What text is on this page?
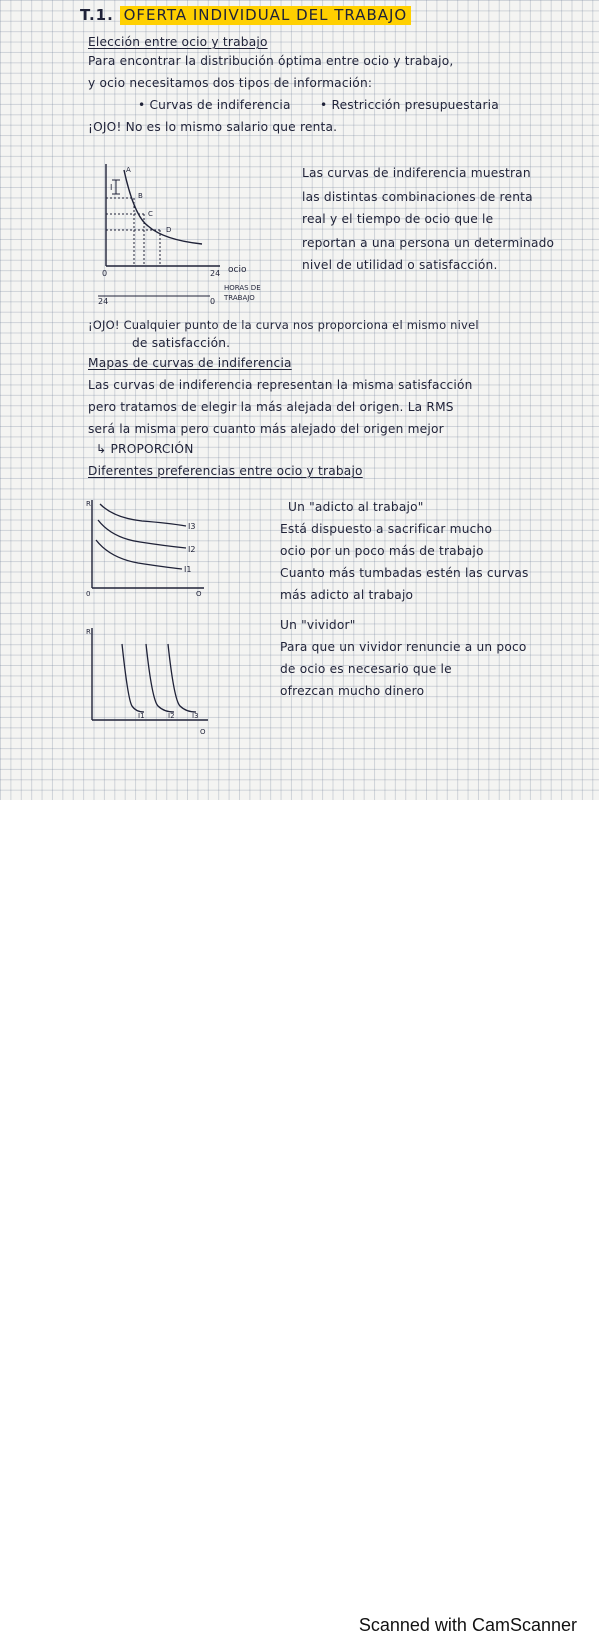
T.1. OFERTA INDIVIDUAL DEL TRABAJO
Elección entre ocio y trabajo
Para encontrar la distribución óptima entre ocio y trabajo,
y ocio necesitamos dos tipos de información:
• Curvas de indiferencia • Restricción presupuestaria
¡OJO! No es lo mismo salario que renta.
A
B
C
D
I
0	24 ocio
24	0
HORAS DE
TRABAJO
Las curvas de indiferencia muestran
las distintas combinaciones de renta
real y el tiempo de ocio que le
reportan a una persona un determinado
nivel de utilidad o satisfacción.
¡OJO! Cualquier punto de la curva nos proporciona el mismo nivel
de satisfacción.
Mapas de curvas de indiferencia
Las curvas de indiferencia representan la misma satisfacción
pero tratamos de elegir la más alejada del origen. La RMS
será la misma pero cuanto más alejado del origen mejor
↳ PROPORCIÓN
Diferentes preferencias entre ocio y trabajo
R
0	O
I3
I2
I1
Un "adicto al trabajo"
Está dispuesto a sacrificar mucho
ocio por un poco más de trabajo
Cuanto más tumbadas estén las curvas
más adicto al trabajo
R
O
I1	I2 I3
Un "vividor"
Para que un vividor renuncie a un poco
de ocio es necesario que le
ofrezcan mucho dinero
Scanned with CamScanner
